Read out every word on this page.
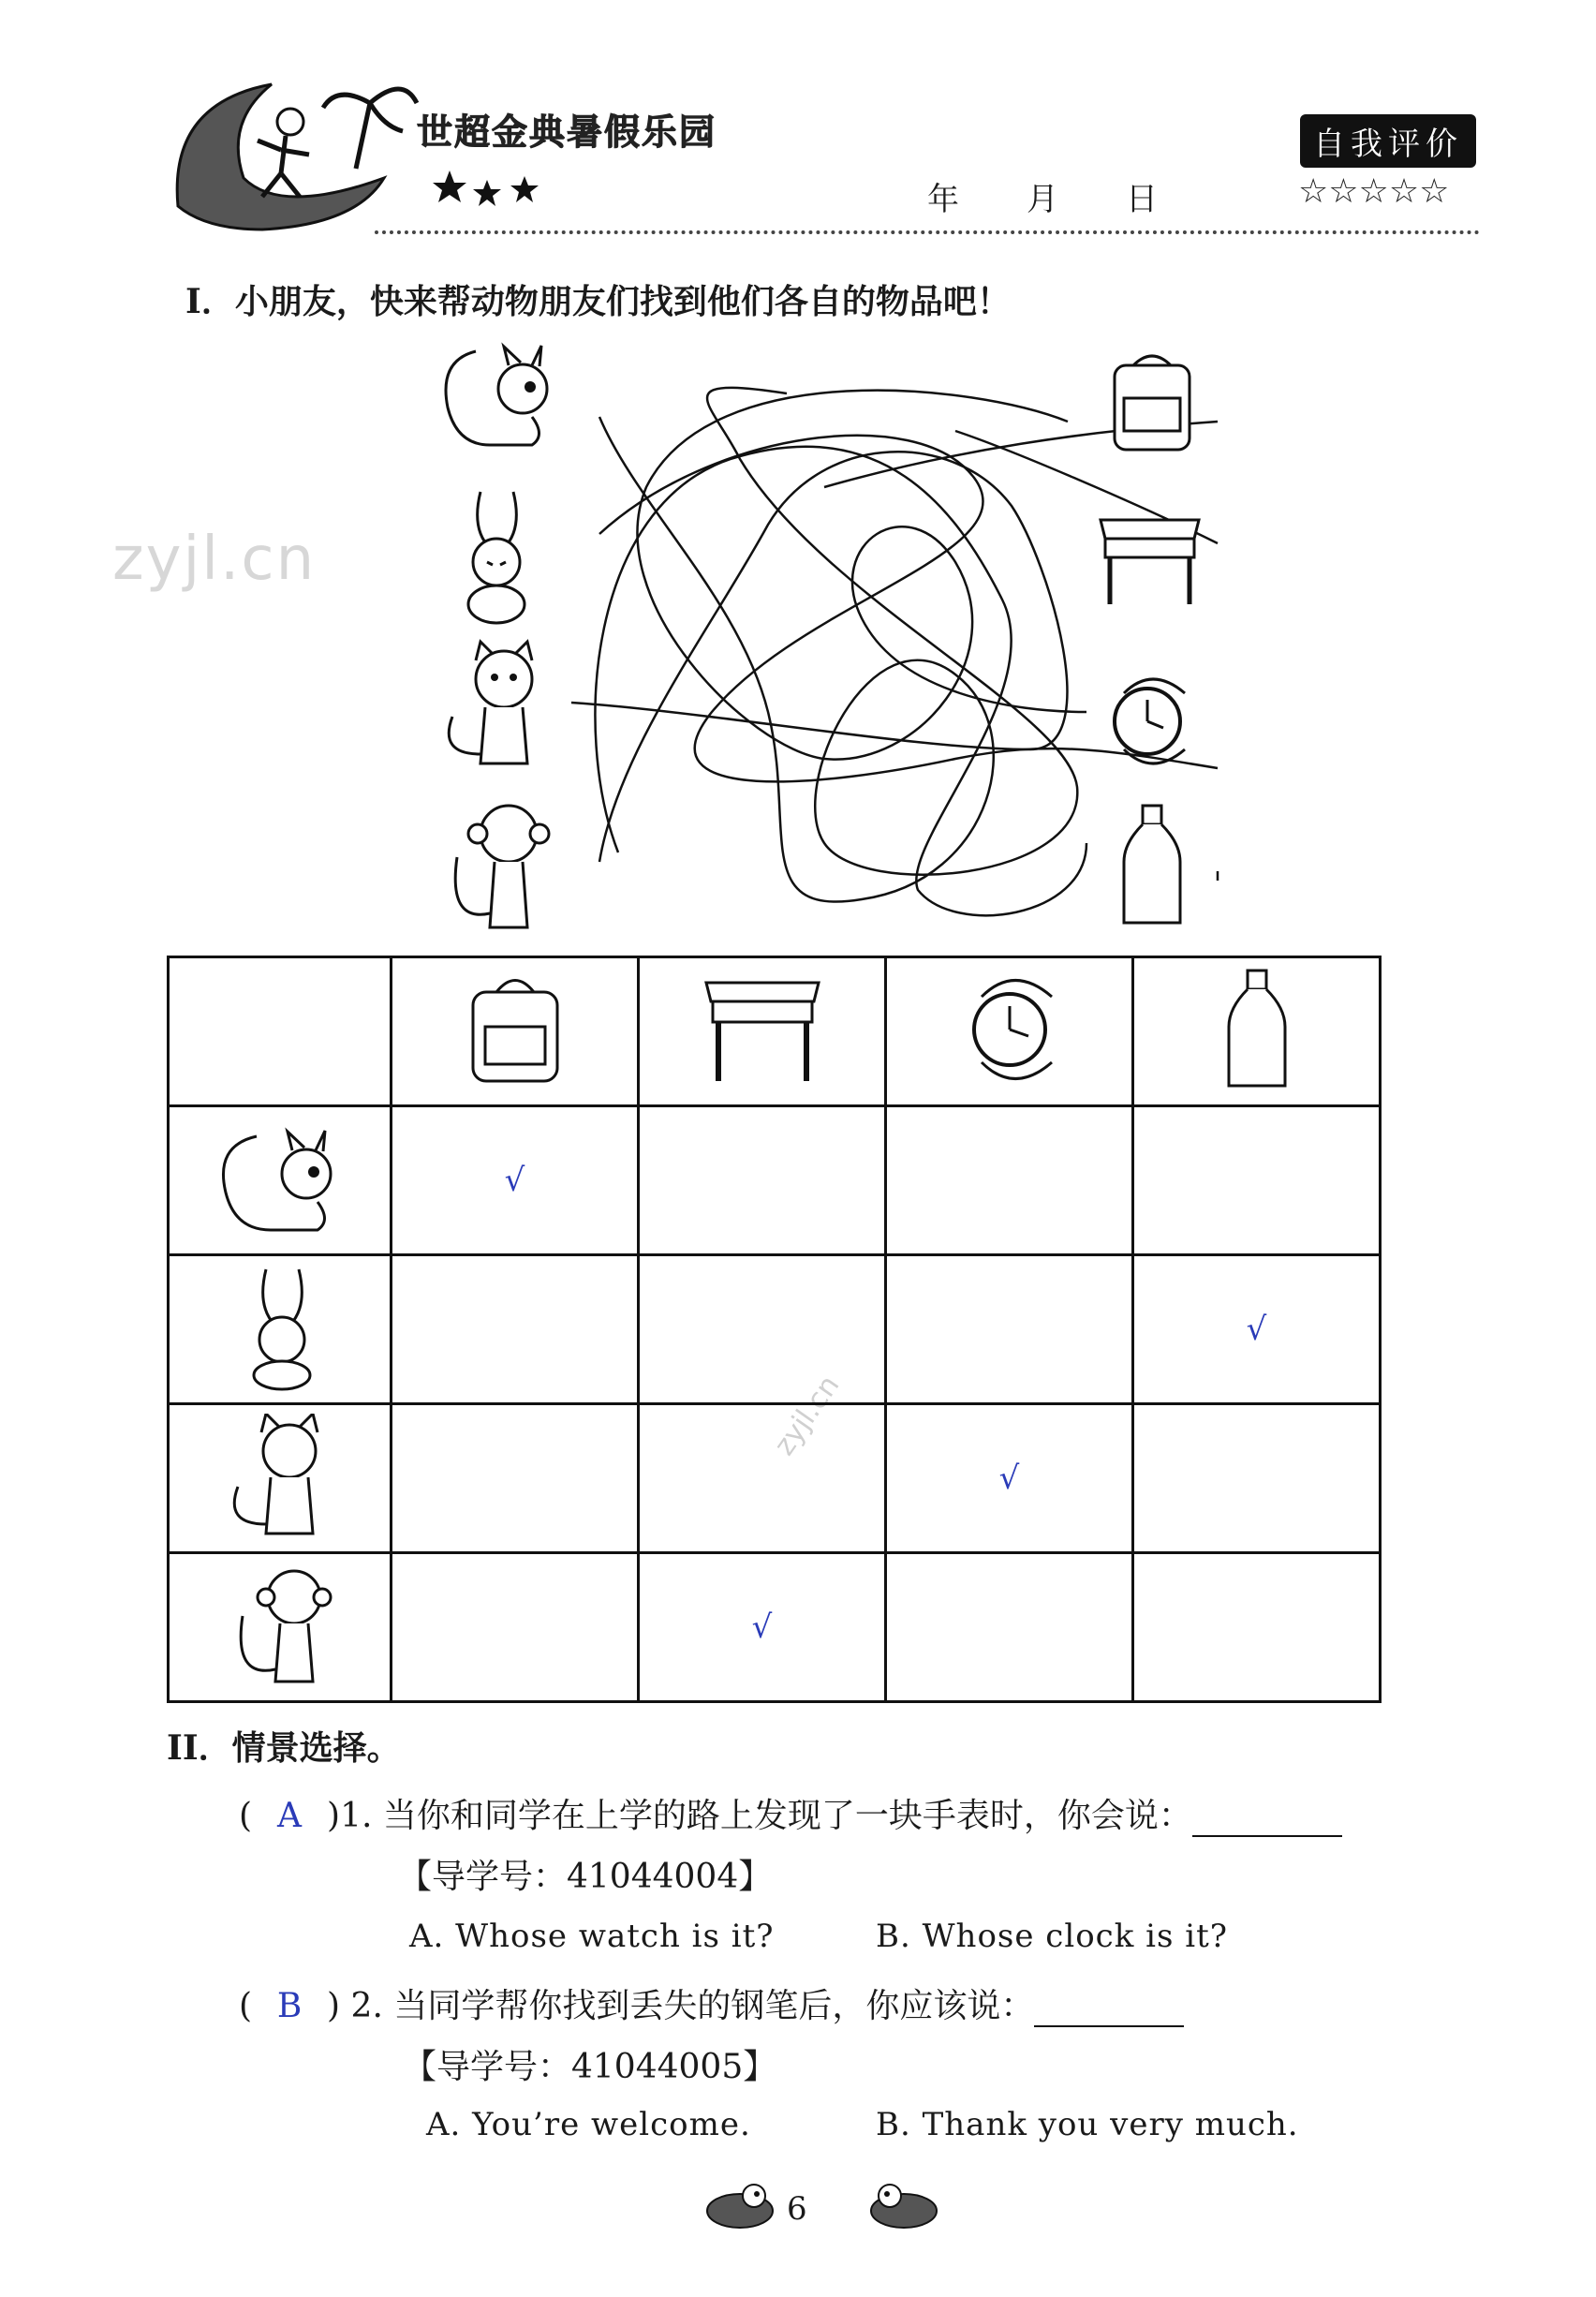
世超金典暑假乐园
年 月 日
自我评价
☆☆☆☆☆
zyjl.cn
zyjl.cn
I．小朋友，快来帮动物朋友们找到他们各自的物品吧！

	√			
				√
			√	
		√		
II．情景选择。
( A )1. 当你和同学在上学的路上发现了一块手表时，你会说：
【导学号：41044004】
A. Whose watch is it?	B. Whose clock is it?
( B ) 2. 当同学帮你找到丢失的钢笔后，你应该说：
【导学号：41044005】
A. You’re welcome.	B. Thank you very much.
6
